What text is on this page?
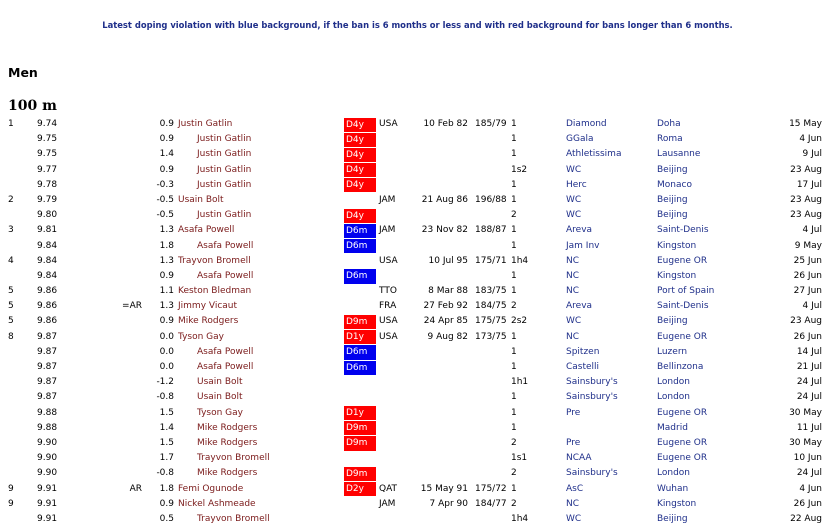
Latest doping violation with blue background, if the ban is 6 months or less and with red background for bans longer than 6 months.
Men
100 m
1	9.74	0.9 Justin Gatlin	D4y	USA	10 Feb 82 185/79 1	Diamond	Doha	15 May
9.75	0.9	Justin Gatlin	D4y	1	GGala	Roma	4 Jun
9.75	1.4	Justin Gatlin	D4y	1	Athletissima	Lausanne	9 Jul
9.77	0.9	Justin Gatlin	D4y	1s2	WC	Beijing	23 Aug
9.78	-0.3	Justin Gatlin	D4y	1	Herc	Monaco	17 Jul
2	9.79	-0.5 Usain Bolt	JAM	21 Aug 86 196/88 1	WC	Beijing	23 Aug
9.80	-0.5	Justin Gatlin	D4y	2	WC	Beijing	23 Aug
3	9.81	1.3 Asafa Powell	D6m	JAM	23 Nov 82 188/87 1	Areva	Saint-Denis	4 Jul
9.84	1.8	Asafa Powell	D6m	1	Jam Inv	Kingston	9 May
4	9.84	1.3 Trayvon Bromell	USA	10 Jul 95 175/71 1h4	NC	Eugene OR	25 Jun
9.84	0.9	Asafa Powell	D6m	1	NC	Kingston	26 Jun
5	9.86	1.1 Keston Bledman	TTO	8 Mar 88 183/75 1	NC	Port of Spain	27 Jun
5	9.86	=AR	1.3 Jimmy Vicaut	FRA	27 Feb 92 184/75 2	Areva	Saint-Denis	4 Jul
5	9.86	0.9 Mike Rodgers	D9m	USA	24 Apr 85 175/75 2s2	WC	Beijing	23 Aug
8	9.87	0.0 Tyson Gay	D1y	USA	9 Aug 82 173/75 1	NC	Eugene OR	26 Jun
9.87	0.0	Asafa Powell	D6m	1	Spitzen	Luzern	14 Jul
9.87	0.0	Asafa Powell	D6m	1	Castelli	Bellinzona	21 Jul
9.87	-1.2	Usain Bolt	1h1	Sainsbury's	London	24 Jul
9.87	-0.8	Usain Bolt	1	Sainsbury's	London	24 Jul
9.88	1.5	Tyson Gay	D1y	1	Pre	Eugene OR	30 May
9.88	1.4	Mike Rodgers	D9m	1	Madrid	11 Jul
9.90	1.5	Mike Rodgers	D9m	2	Pre	Eugene OR	30 May
9.90	1.7	Trayvon Bromell	1s1	NCAA	Eugene OR	10 Jun
9.90	-0.8	Mike Rodgers	D9m	2	Sainsbury's	London	24 Jul
9	9.91	AR	1.8 Femi Ogunode	D2y	QAT	15 May 91 175/72 1	AsC	Wuhan	4 Jun
9	9.91	0.9 Nickel Ashmeade	JAM	7 Apr 90 184/77 2	NC	Kingston	26 Jun
9.91	0.5	Trayvon Bromell	1h4	WC	Beijing	22 Aug
